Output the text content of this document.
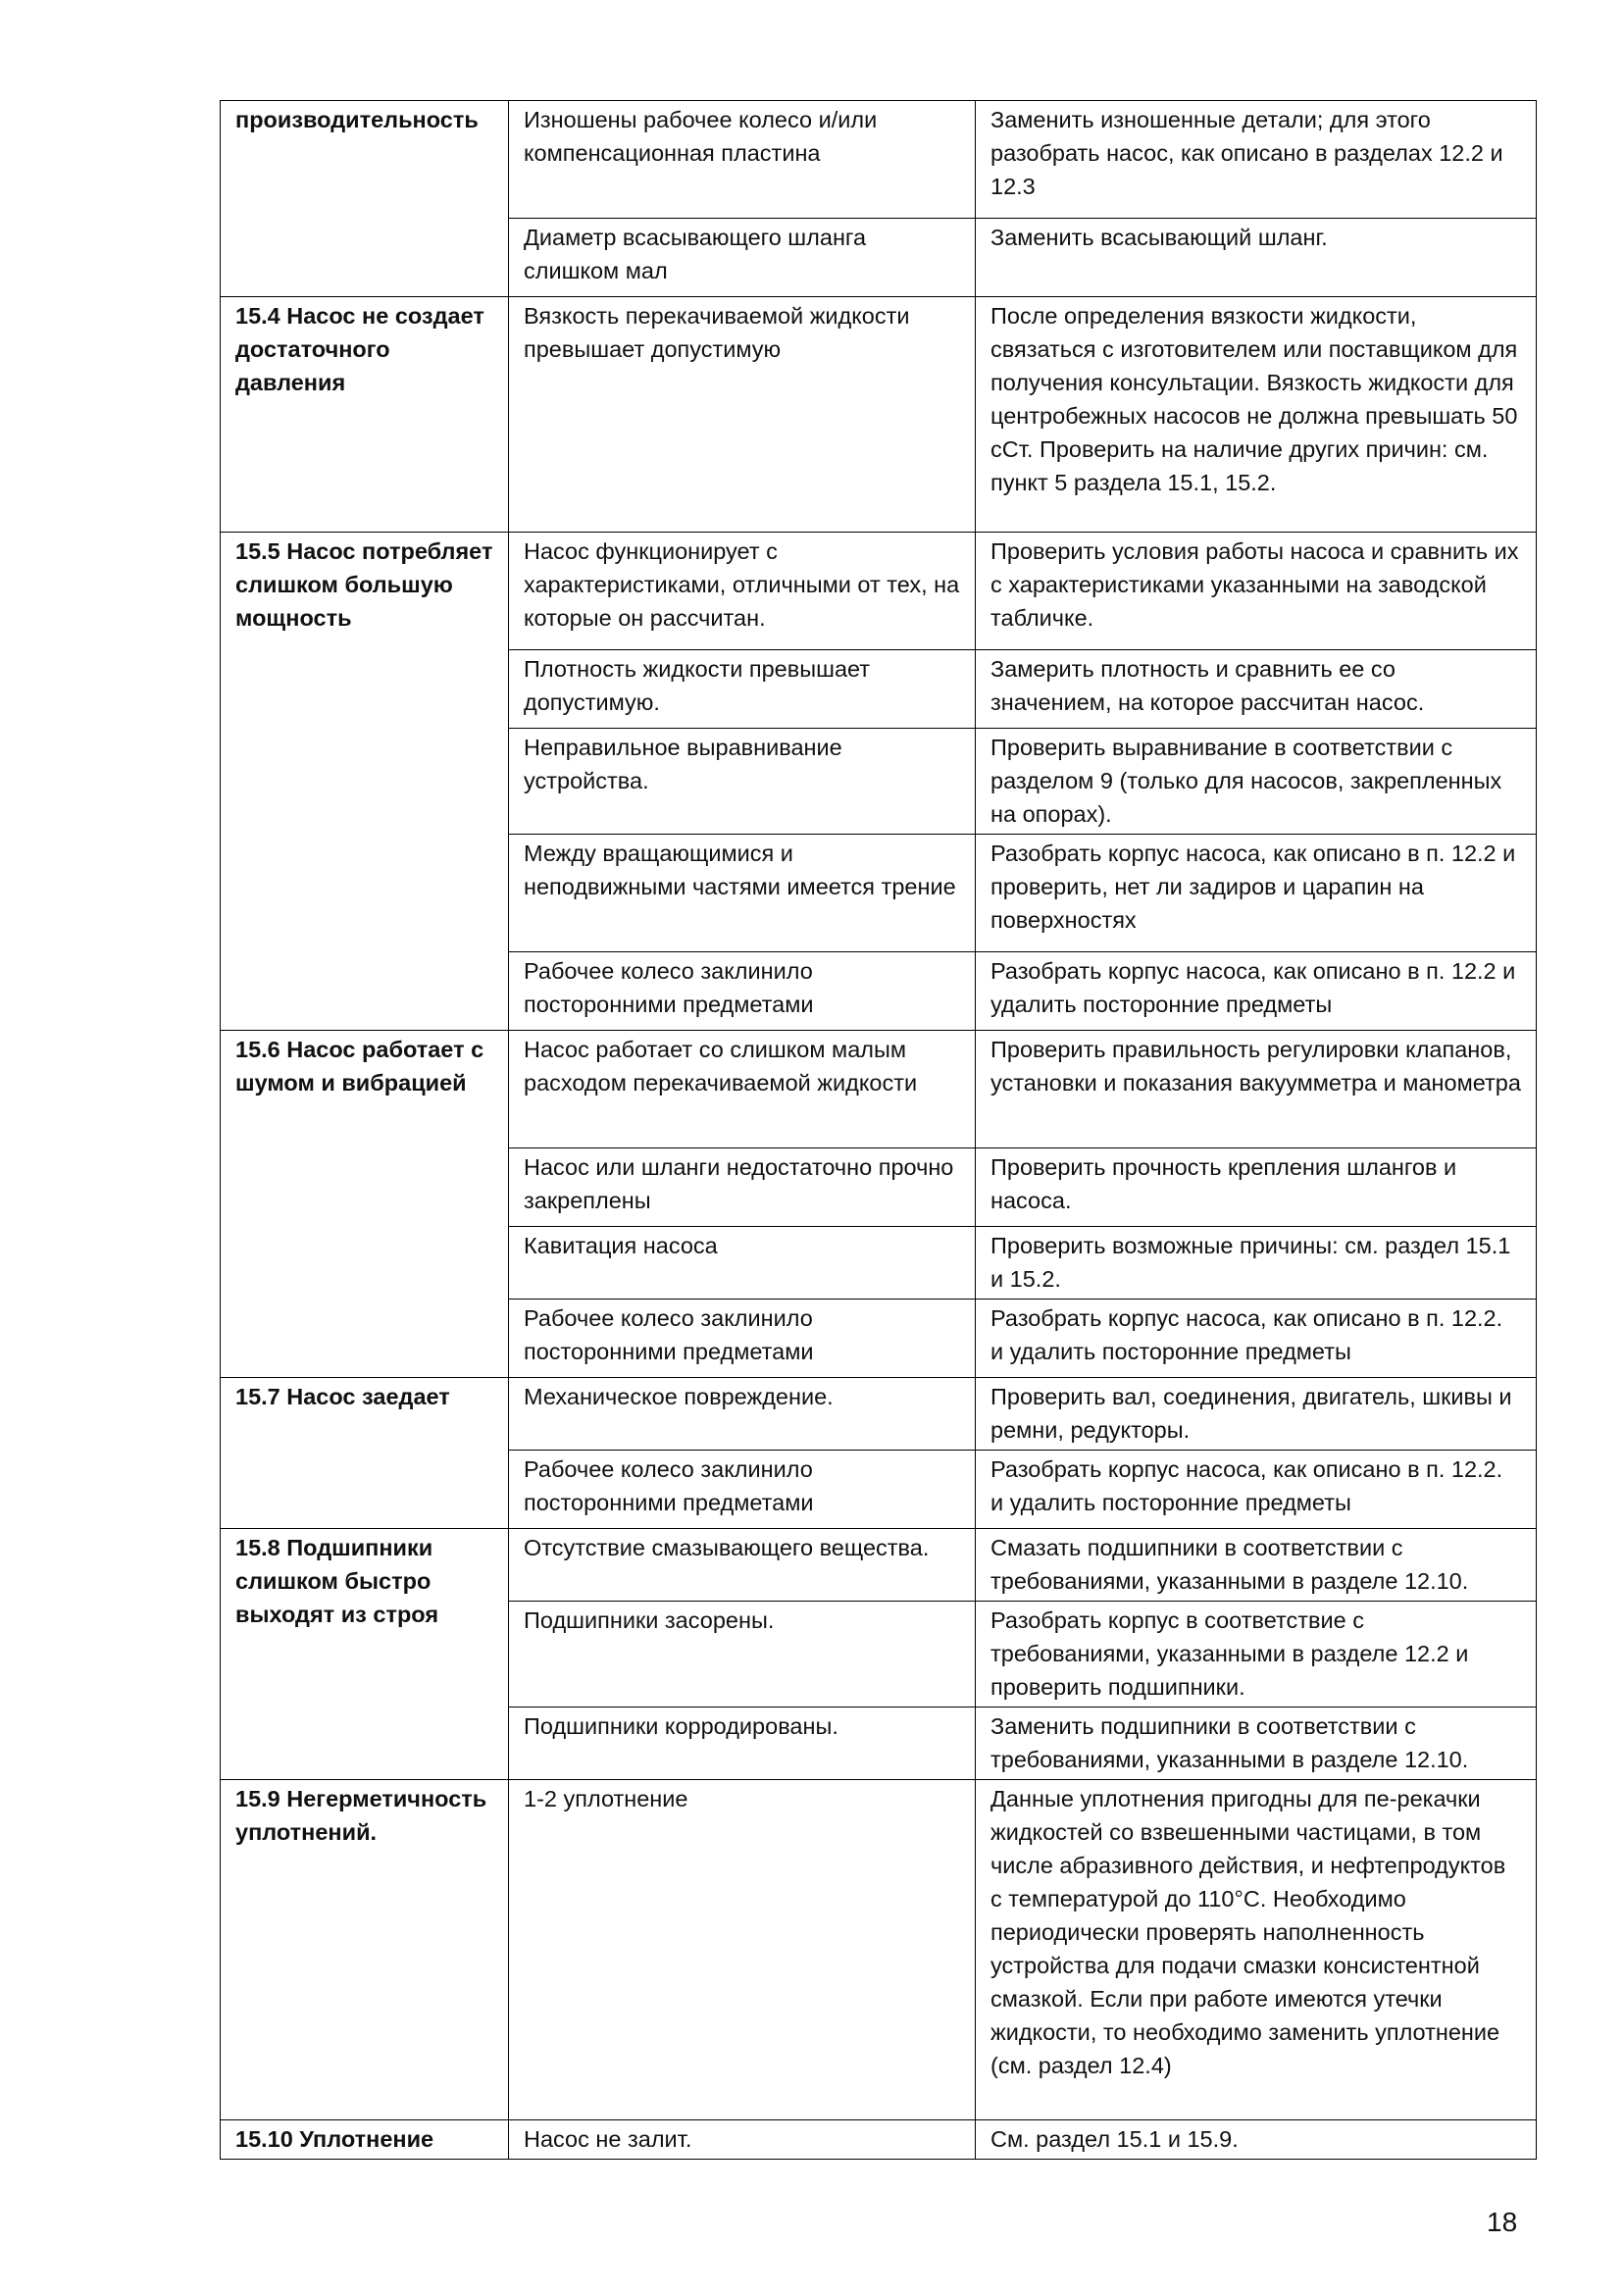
производительность	Изношены рабочее колесо и/или компенсационная пластина	Заменить изношенные детали; для этого разобрать насос, как описано в разделах 12.2 и 12.3
	Диаметр всасывающего шланга слишком мал	Заменить всасывающий шланг.
15.4 Насос не создает достаточного давления	Вязкость перекачиваемой жидкости превышает допустимую	После определения вязкости жидкости, связаться с изготовителем или поставщиком для получения консультации. Вязкость жидкости для центробежных насосов не должна превышать 50 сСт. Проверить на наличие других причин: см. пункт 5 раздела 15.1, 15.2.
15.5 Насос потребляет слишком большую мощность	Насос функционирует с характеристиками, отличными от тех, на которые он рассчитан.	Проверить условия работы насоса и сравнить их с характеристиками указанными на заводской табличке.
	Плотность жидкости превышает допустимую.	Замерить плотность и сравнить ее со значением, на которое рассчитан насос.
	Неправильное выравнивание устройства.	Проверить выравнивание в соответствии с разделом 9 (только для насосов, закрепленных на опорах).
	Между вращающимися и неподвижными частями имеется трение	Разобрать корпус насоса, как описано в п. 12.2 и проверить, нет ли задиров и царапин на поверхностях
	Рабочее колесо заклинило посторонними предметами	Разобрать корпус насоса, как описано в п. 12.2 и удалить посторонние предметы
15.6 Насос работает с шумом и вибрацией	Насос работает со слишком малым расходом перекачиваемой жидкости	Проверить правильность регулировки клапанов, установки и показания вакуумметра и манометра
	Насос или шланги недостаточно прочно закреплены	Проверить прочность крепления шлангов и насоса.
	Кавитация насоса	Проверить возможные причины: см. раздел 15.1 и 15.2.
	Рабочее колесо заклинило посторонними предметами	Разобрать корпус насоса, как описано в п. 12.2. и удалить посторонние предметы
15.7 Насос заедает	Механическое повреждение.	Проверить вал, соединения, двигатель, шкивы и ремни, редукторы.
	Рабочее колесо заклинило посторонними предметами	Разобрать корпус насоса, как описано в п. 12.2. и удалить посторонние предметы
15.8 Подшипники слишком быстро выходят из строя	Отсутствие смазывающего вещества.	Смазать подшипники в соответствии с требованиями, указанными в разделе 12.10.
	Подшипники засорены.	Разобрать корпус в соответствие с требованиями, указанными в разделе 12.2 и проверить подшипники.
	Подшипники корродированы.	Заменить подшипники в соответствии с требованиями, указанными в разделе 12.10.
15.9 Негерметичность уплотнений.	1-2 уплотнение	Данные уплотнения пригодны для пе-рекачки жидкостей со взвешенными частицами, в том числе абразивного действия, и нефтепродуктов с температурой до 110°С. Необходимо периодически проверять наполненность устройства для подачи смазки консистентной смазкой. Если при работе имеются утечки жидкости, то необходимо заменить уплотнение (см. раздел 12.4)
15.10 Уплотнение	Насос не залит.	См. раздел 15.1 и 15.9.
18
